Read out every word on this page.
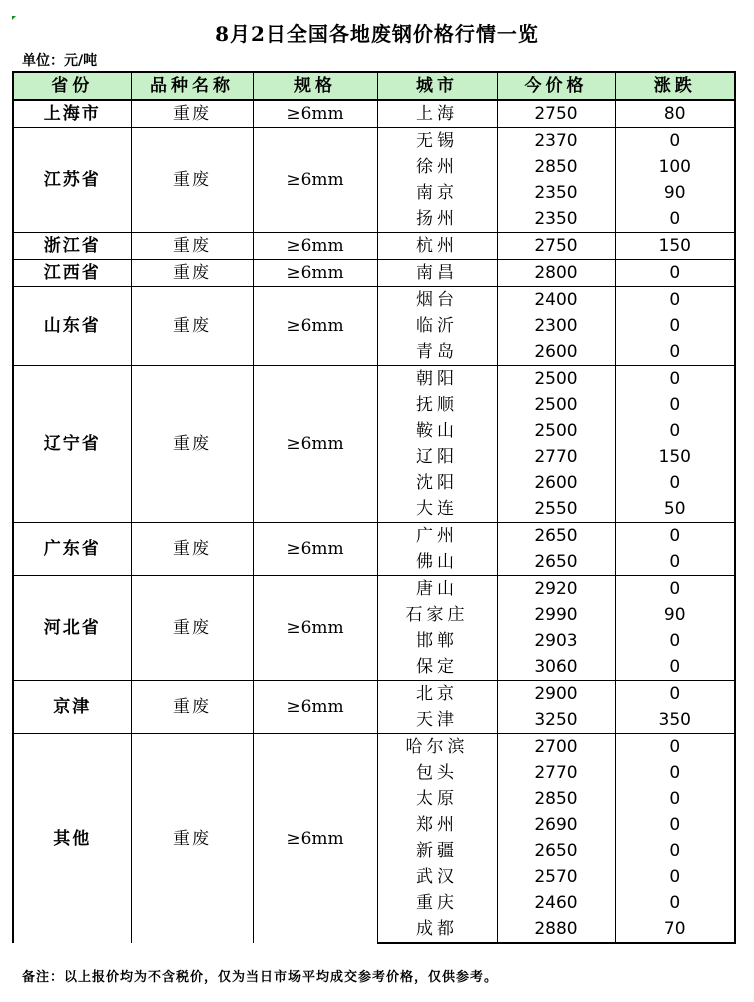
8月2日全国各地废钢价格行情一览
单位：元/吨
省份	品种名称	规格	城市	今价格	涨跌
上海市	重废	≥6mm	上海	2750	80
江苏省	重废	≥6mm	无锡	2370	0
			徐州	2850	100
			南京	2350	90
			扬州	2350	0
浙江省	重废	≥6mm	杭州	2750	150
江西省	重废	≥6mm	南昌	2800	0
山东省	重废	≥6mm	烟台	2400	0
			临沂	2300	0
			青岛	2600	0
辽宁省	重废	≥6mm	朝阳	2500	0
			抚顺	2500	0
			鞍山	2500	0
			辽阳	2770	150
			沈阳	2600	0
			大连	2550	50
广东省	重废	≥6mm	广州	2650	0
			佛山	2650	0
河北省	重废	≥6mm	唐山	2920	0
			石家庄	2990	90
			邯郸	2903	0
			保定	3060	0
京津	重废	≥6mm	北京	2900	0
			天津	3250	350
其他	重废	≥6mm	哈尔滨	2700	0
			包头	2770	0
			太原	2850	0
			郑州	2690	0
			新疆	2650	0
			武汉	2570	0
			重庆	2460	0
			成都	2880	70
备注：以上报价均为不含税价，仅为当日市场平均成交参考价格，仅供参考。
